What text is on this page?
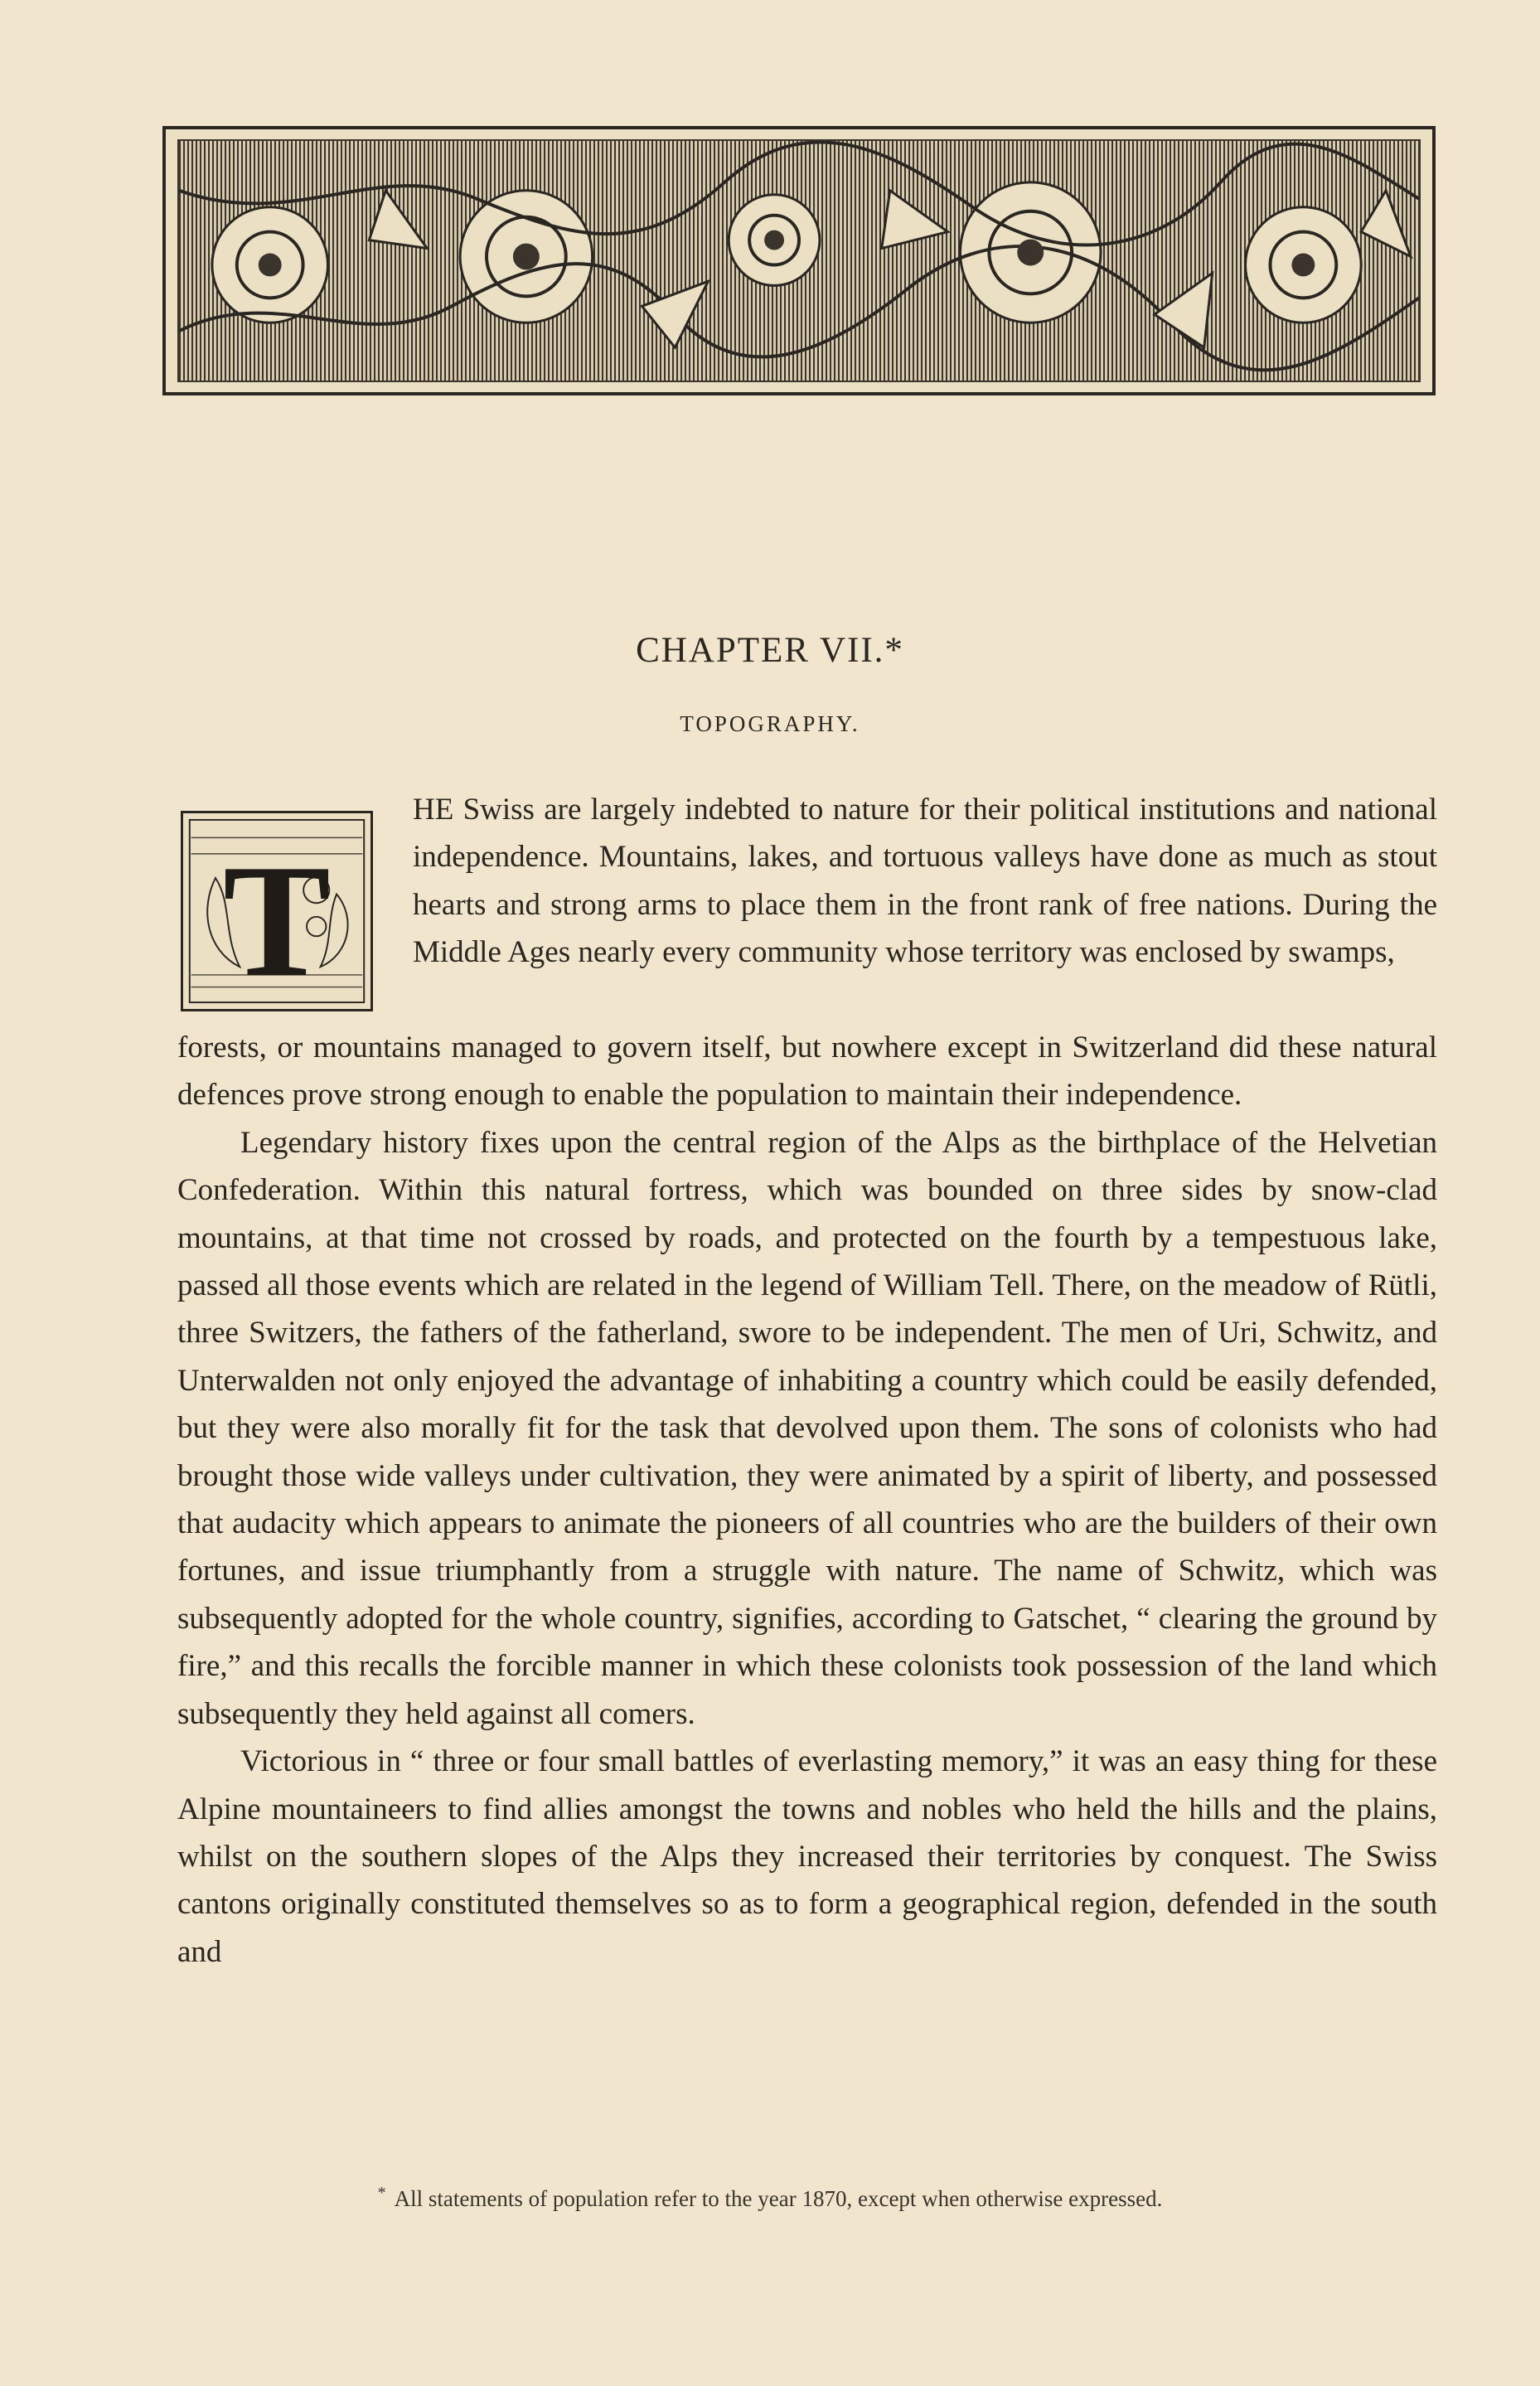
CHAPTER VII.*
TOPOGRAPHY.
T

HE Swiss are largely indebted to nature for their political institutions and national independence. Mountains, lakes, and tortuous valleys have done as much as stout hearts and strong arms to place them in the front rank of free nations. During the Middle Ages nearly every community whose territory was enclosed by swamps,

forests, or mountains managed to govern itself, but nowhere except in Switzerland did these natural defences prove strong enough to enable the population to maintain their independence.

Legendary history fixes upon the central region of the Alps as the birthplace of the Helvetian Confederation. Within this natural fortress, which was bounded on three sides by snow-clad mountains, at that time not crossed by roads, and protected on the fourth by a tempestuous lake, passed all those events which are related in the legend of William Tell. There, on the meadow of Rütli, three Switzers, the fathers of the fatherland, swore to be independent. The men of Uri, Schwitz, and Unterwalden not only enjoyed the advantage of inhabiting a country which could be easily defended, but they were also morally fit for the task that devolved upon them. The sons of colonists who had brought those wide valleys under cultivation, they were animated by a spirit of liberty, and possessed that audacity which appears to animate the pioneers of all countries who are the builders of their own fortunes, and issue triumphantly from a struggle with nature. The name of Schwitz, which was subsequently adopted for the whole country, signifies, according to Gatschet, “ clearing the ground by fire,” and this recalls the forcible manner in which these colonists took possession of the land which subsequently they held against all comers.

Victorious in “ three or four small battles of everlasting memory,” it was an easy thing for these Alpine mountaineers to find allies amongst the towns and nobles who held the hills and the plains, whilst on the southern slopes of the Alps they increased their territories by conquest. The Swiss cantons originally constituted themselves so as to form a geographical region, defended in the south and

* All statements of population refer to the year 1870, except when otherwise expressed.
